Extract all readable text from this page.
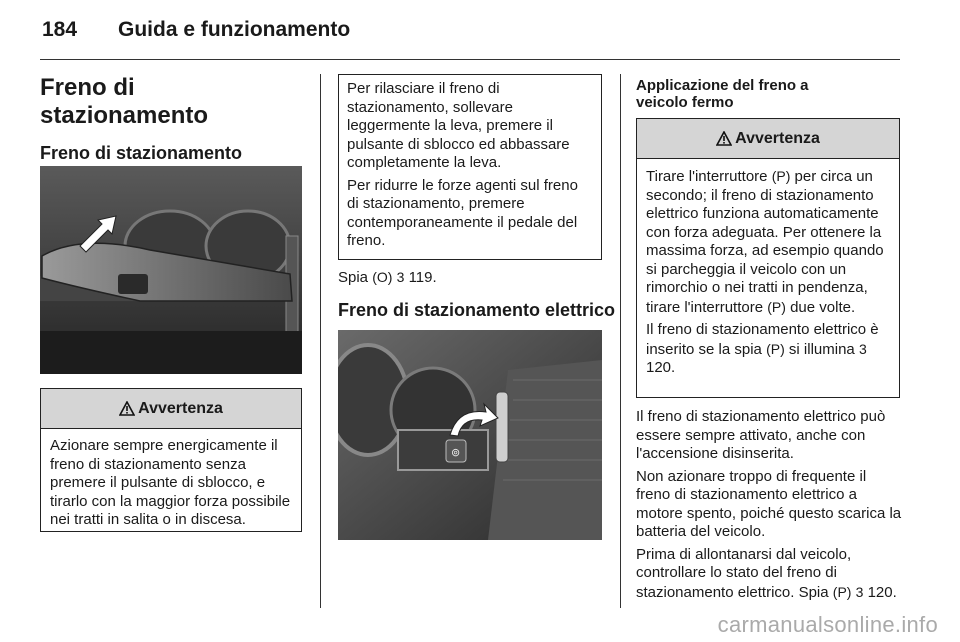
184 Guida e funzionamento
Freno di stazionamento
Freno di stazionamento
Avvertenza

Azionare sempre energicamente il freno di stazionamento senza premere il pulsante di sblocco, e tirarlo con la maggior forza possibile nei tratti in salita o in discesa.

Per rilasciare il freno di stazionamento, sollevare leggermente la leva, premere il pulsante di sblocco ed abbassare completamente la leva.

Per ridurre le forze agenti sul freno di stazionamento, premere contemporaneamente il pedale del freno.

Spia (O) 3 119.
Freno di stazionamento elettrico
⊚
Applicazione del freno a veicolo fermo
Avvertenza

Tirare l'interruttore (P) per circa un secondo; il freno di stazionamento elettrico funziona automaticamente con forza adeguata. Per ottenere la massima forza, ad esempio quando si parcheggia il veicolo con un rimorchio o nei tratti in pendenza, tirare l'interruttore (P) due volte.

Il freno di stazionamento elettrico è inserito se la spia (P) si illumina 3 120.

Il freno di stazionamento elettrico può essere sempre attivato, anche con l'accensione disinserita.

Non azionare troppo di frequente il freno di stazionamento elettrico a motore spento, poiché questo scarica la batteria del veicolo.

Prima di allontanarsi dal veicolo, controllare lo stato del freno di stazionamento elettrico. Spia (P) 3 120.

carmanualsonline.info
